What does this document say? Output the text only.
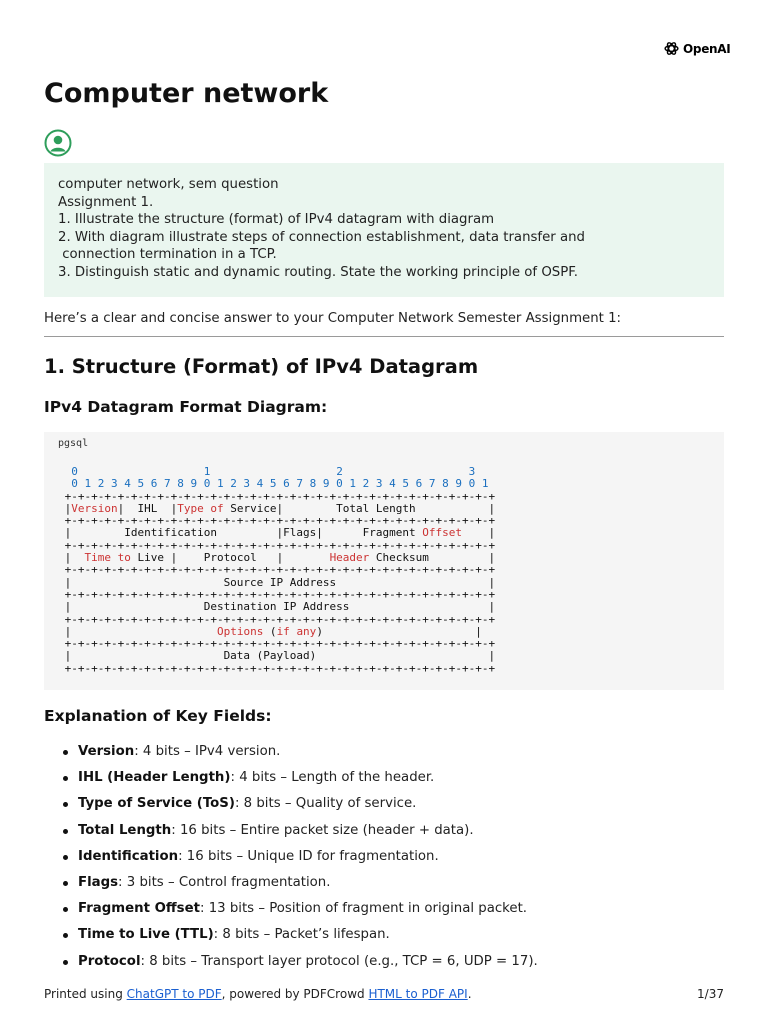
OpenAI
Computer network
computer network, sem question
Assignment 1.
1. Illustrate the structure (format) of IPv4 datagram with diagram
2. With diagram illustrate steps of connection establishment, data transfer and
connection termination in a TCP.
3. Distinguish static and dynamic routing. State the working principle of OSPF.

Here’s a clear and concise answer to your Computer Network Semester Assignment 1:

1. Structure (Format) of IPv4 Datagram
IPv4 Datagram Format Diagram:
pgsql
0	1	2	3
0 1 2 3 4 5 6 7 8 9 0 1 2 3 4 5 6 7 8 9 0 1 2 3 4 5 6 7 8 9 0 1
+-+-+-+-+-+-+-+-+-+-+-+-+-+-+-+-+-+-+-+-+-+-+-+-+-+-+-+-+-+-+-+-+
|Version|  IHL  |Type of Service|        Total Length           |
+-+-+-+-+-+-+-+-+-+-+-+-+-+-+-+-+-+-+-+-+-+-+-+-+-+-+-+-+-+-+-+-+
|        Identification         |Flags|      Fragment Offset    |
+-+-+-+-+-+-+-+-+-+-+-+-+-+-+-+-+-+-+-+-+-+-+-+-+-+-+-+-+-+-+-+-+
|  Time to Live |    Protocol   |       Header Checksum         |
+-+-+-+-+-+-+-+-+-+-+-+-+-+-+-+-+-+-+-+-+-+-+-+-+-+-+-+-+-+-+-+-+
|                       Source IP Address                       |
+-+-+-+-+-+-+-+-+-+-+-+-+-+-+-+-+-+-+-+-+-+-+-+-+-+-+-+-+-+-+-+-+
|                    Destination IP Address                     |
+-+-+-+-+-+-+-+-+-+-+-+-+-+-+-+-+-+-+-+-+-+-+-+-+-+-+-+-+-+-+-+-+
|                      Options (if any)                       |
+-+-+-+-+-+-+-+-+-+-+-+-+-+-+-+-+-+-+-+-+-+-+-+-+-+-+-+-+-+-+-+-+
|                       Data (Payload)                          |
+-+-+-+-+-+-+-+-+-+-+-+-+-+-+-+-+-+-+-+-+-+-+-+-+-+-+-+-+-+-+-+-+

Explanation of Key Fields:
Version: 4 bits – IPv4 version.
IHL (Header Length): 4 bits – Length of the header.
Type of Service (ToS): 8 bits – Quality of service.
Total Length: 16 bits – Entire packet size (header + data).
Identification: 16 bits – Unique ID for fragmentation.
Flags: 3 bits – Control fragmentation.
Fragment Offset: 13 bits – Position of fragment in original packet.
Time to Live (TTL): 8 bits – Packet’s lifespan.
Protocol: 8 bits – Transport layer protocol (e.g., TCP = 6, UDP = 17).
Printed using ChatGPT to PDF, powered by PDFCrowd HTML to PDF API.	1/37
